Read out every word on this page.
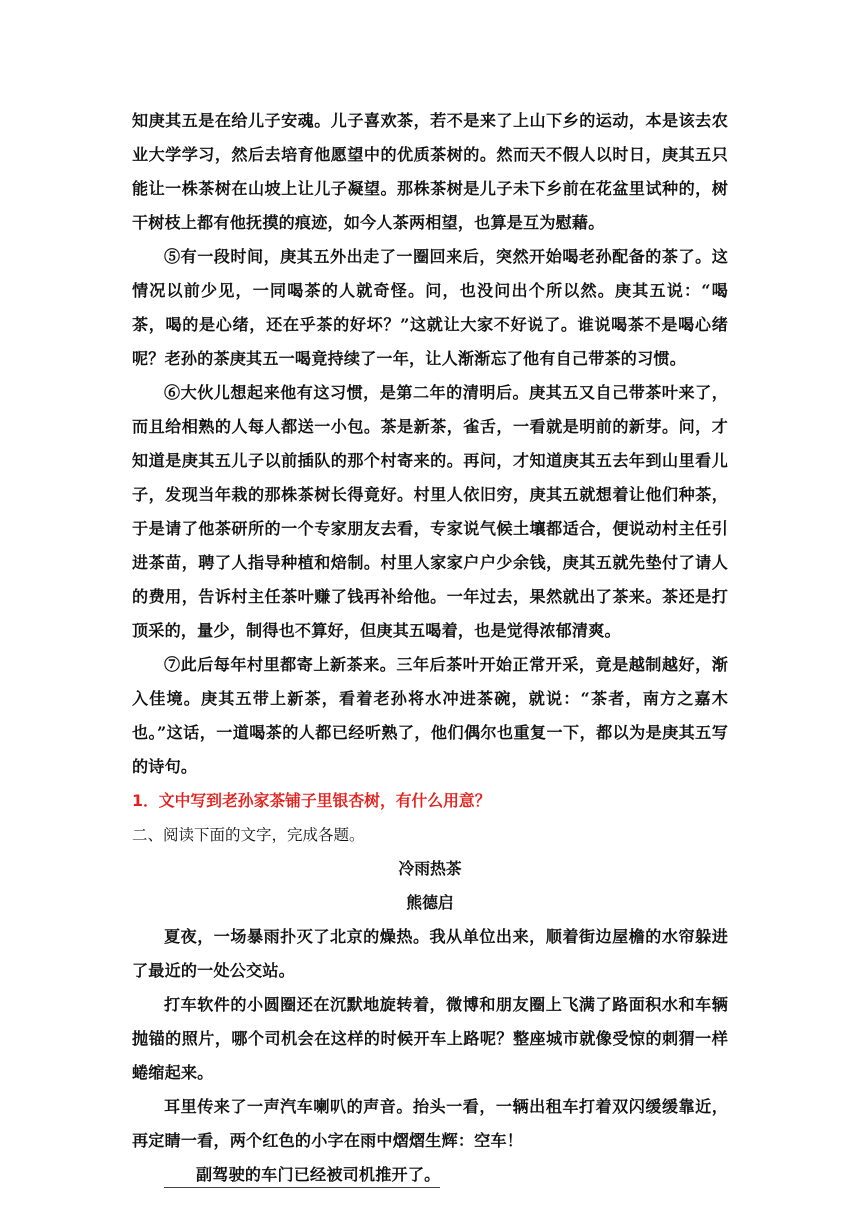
知庚其五是在给儿子安魂。儿子喜欢茶，若不是来了上山下乡的运动，本是该去农业大学学习，然后去培育他愿望中的优质茶树的。然而天不假人以时日，庚其五只能让一株茶树在山坡上让儿子凝望。那株茶树是儿子未下乡前在花盆里试种的，树干树枝上都有他抚摸的痕迹，如今人茶两相望，也算是互为慰藉。

⑤有一段时间，庚其五外出走了一圈回来后，突然开始喝老孙配备的茶了。这情况以前少见，一同喝茶的人就奇怪。问，也没问出个所以然。庚其五说：“喝茶，喝的是心绪，还在乎茶的好坏？”这就让大家不好说了。谁说喝茶不是喝心绪呢？老孙的茶庚其五一喝竟持续了一年，让人渐渐忘了他有自己带茶的习惯。

⑥大伙儿想起来他有这习惯，是第二年的清明后。庚其五又自己带茶叶来了，而且给相熟的人每人都送一小包。茶是新茶，雀舌，一看就是明前的新芽。问，才知道是庚其五儿子以前插队的那个村寄来的。再问，才知道庚其五去年到山里看儿子，发现当年栽的那株茶树长得竟好。村里人依旧穷，庚其五就想着让他们种茶，于是请了他茶研所的一个专家朋友去看，专家说气候土壤都适合，便说动村主任引进茶苗，聘了人指导种植和焙制。村里人家家户户少余钱，庚其五就先垫付了请人的费用，告诉村主任茶叶赚了钱再补给他。一年过去，果然就出了茶来。茶还是打顶采的，量少，制得也不算好，但庚其五喝着，也是觉得浓郁清爽。

⑦此后每年村里都寄上新茶来。三年后茶叶开始正常开采，竟是越制越好，渐入佳境。庚其五带上新茶，看着老孙将水冲进茶碗，就说：“茶者，南方之嘉木也。”这话，一道喝茶的人都已经听熟了，他们偶尔也重复一下，都以为是庚其五写的诗句。

1．文中写到老孙家茶铺子里银杏树，有什么用意？

二、阅读下面的文字，完成各题。

冷雨热茶

熊德启

夏夜，一场暴雨扑灭了北京的燥热。我从单位出来，顺着街边屋檐的水帘躲进了最近的一处公交站。

打车软件的小圆圈还在沉默地旋转着，微博和朋友圈上飞满了路面积水和车辆抛锚的照片，哪个司机会在这样的时候开车上路呢？整座城市就像受惊的刺猬一样蜷缩起来。

耳里传来了一声汽车喇叭的声音。抬头一看，一辆出租车打着双闪缓缓靠近，再定睛一看，两个红色的小字在雨中熠熠生辉：空车！

副驾驶的车门已经被司机推开了。
